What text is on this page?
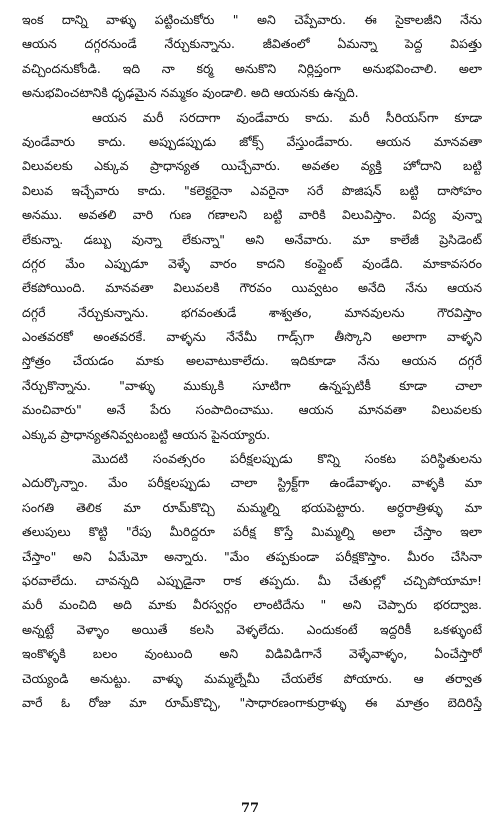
ఇంక దాన్ని వాళ్ళు పట్టించుకోరు " అని చెప్పేవారు. ఈ సైకాలజీని నేను
ఆయన దగ్గరనుండే నేర్చుకున్నాను. జీవితంలో ఏమన్నా పెద్ద విపత్తు
వచ్చిందనుకోండి. ఇది నా కర్మ అనుకొని నిర్లిప్తంగా అనుభవించాలి. అలా
అనుభవించటానికి ధృఢమైన నమ్మకం వుండాలి. అది ఆయనకు ఉన్నది.
ఆయన మరీ సరదాగా వుండేవారు కాదు. మరీ సీరియస్‌గా కూడా
వుండేవారు కాదు. అప్పుడప్పుడు జోక్స్ వేస్తుండేవారు. ఆయన మానవతా
విలువలకు ఎక్కువ ప్రాధాన్యత యిచ్చేవారు. అవతల వ్యక్తి హోదాని బట్టి
విలువ ఇచ్చేవారు కాదు. "కలెక్టరైనా ఎవరైనా సరే పొజిషన్ బట్టి దాసోహం
అనము. అవతలి వారి గుణ గణాలని బట్టి వారికి విలువిస్తాం. విద్య వున్నా
లేకున్నా. డబ్బు వున్నా లేకున్నా" అని అనేవారు. మా కాలేజీ ప్రెసిడెంట్
దగ్గర మేం ఎప్పుడూ వెళ్ళే వారం కాదని కంప్లైంట్ వుండేది. మాకావసరం
లేకపోయింది. మానవతా విలువలకి గౌరవం యివ్వటం అనేది నేను ఆయన
దగ్గరే నేర్చుకున్నాను. భగవంతుడే శాశ్వతం, మానవులను గౌరవిస్తాం
ఎంతవరకో అంతవరకే. వాళ్ళను నేనేమీ గాడ్స్‌గా తీస్కొని అలాగా వాళ్ళని
స్తోత్రం చేయడం మాకు అలవాటుకాలేదు. ఇదికూడా నేను ఆయన దగ్గరే
నేర్చుకొన్నాను. "వాళ్ళు ముక్కుకి సూటిగా ఉన్నప్పటికీ కూడా చాలా
మంచివారు" అనే పేరు సంపాదించాము. ఆయన మానవతా విలువలకు
ఎక్కువ ప్రాధాన్యతనివ్వటంబట్టి ఆయన పైనయ్యారు.
మొదటి సంవత్సరం పరీక్షలప్పుడు కొన్ని సంకట పరిస్థితులను
ఎదుర్కొన్నాం. మేం పరీక్షలప్పుడు చాలా స్ట్రిక్ట్‌గా ఉండేవాళ్ళం. వాళ్ళకి మా
సంగతి తెలిక మా రూమ్‌కొచ్చి మమ్మల్ని భయపెట్టారు. అర్ధరాత్రిళ్ళు మా
తలుపులు కొట్టి "రేపు మీరిద్దరూ పరీక్ష కొస్తే మిమ్మల్ని అలా చేస్తాం ఇలా
చేస్తాం" అని ఏమేమో అన్నారు. "మేం తప్పకుండా పరీక్షకొస్తాం. మీరం చేసినా
ఫరవాలేదు. చావన్నది ఎప్పుడైనా రాక తప్పదు. మీ చేతుల్లో చచ్చిపోయామా!
మరీ మంచిది అది మాకు వీరస్వర్గం లాంటిదేను " అని చెప్పారు భరద్వాజ.
అన్నట్టే వెళ్ళాం అయితే కలసి వెళ్ళలేదు. ఎందుకంటే ఇద్దరికీ ఒకళ్ళుంటే
ఇంకొళ్ళకి బలం వుంటుంది అని విడివిడిగానే వెళ్ళేవాళ్ళం, ఏంచేస్తారో
చెయ్యండి అనుట్టు. వాళ్ళు మమ్మల్నేమీ చేయలేక పోయారు. ఆ తర్వాత
వారే ఓ రోజు మా రూమ్‌కొచ్చి, "సాధారణంగాకుర్రాళ్ళు ఈ మాత్రం బెదిరిస్తే
77
